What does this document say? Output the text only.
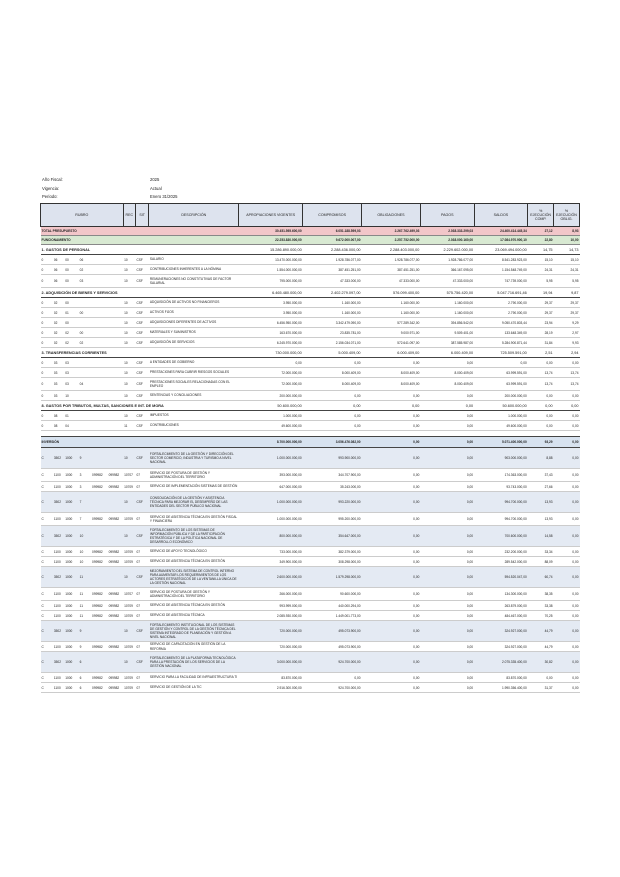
Año Fiscal:	2025
Vigencia:	Actual
Periodo:	Enero 31/2025
RUBRO						REC	SIT	DESCRIPCIÓN	APROPIACIONES VIGENTES	COMPROMISOS	OBLIGACIONES	PAGOS	SALDOS	% EJECUCIÓN COMP.	% EJECUCIÓN OBLIG.
TOTAL PRESUPUESTO									30.451.595.600,00	6.051.188.599,03	2.267.762.499,03	2.038.333.299,03	24.400.414.445,34	27,12	8,93
FUNCIONAMIENTO									22.253.830.000,00	9.672.000.007,00	2.257.752.000,00	2.038.000.160,00	17.084.970.900,10	22,80	10,00
1. GASTOS DE PERSONAL									15.286.890.000,00	2.288.436.000,00	2.288.403.000,00	2.229.602.000,00	23.069.494.000,00	14,75	14,73
0	06	00	06			10	CSF	SALARIO	13.470.000.000,00	1.928.786.077,00	1.928.786.077,00	1.928.786.077,00	8.541.283.923,00	15,10	15,10
0	06	00	02			10	CSF	CONTRIBUCIONES INHERENTES A LA NÓMINA	1.554.000.000,00	387.451.251,00	387.451.251,00	366.167.095,00	1.154.548.749,00	24,31	24,31
0	06	00	03			10	CSF	REMUNERACIONES NO CONSTITUTIVAS DE FACTOR SALARIAL	795.000.000,00	47.333.000,00	47.333.000,00	47.333.000,00	747.739.000,00	5,95	5,95
2. ADQUISICIÓN DE BIENES Y SERVICIOS									6.465.480.000,00	2.402.279.097,00	576.099.400,00	575.756.420,00	5.047.716.691,46	19,94	9,87
0	02	00				10	CSF	ADQUISICIÓN DE ACTIVOS NO FINANCIEROS	3.950.000,00	1.160.000,00	1.160.000,00	1.160.000,00	2.790.000,00	29,37	29,37
0	02	01	00			10	CSF	ACTIVOS FIJOS	3.950.000,00	1.160.000,00	1.160.000,00	1.160.000,00	2.790.000,00	29,37	29,37
0	02	00				10	CSF	ADQUISICIONES DIFERENTES DE ACTIVOS	6.456.950.000,00	3.342.479.090,00	577.289.342,00	394.856.542,00	9.050.470.803,44	23,94	9,29
0	02	02	00			10	CSF	MATERIALES Y SUMINISTROS	163.670.000,00	23.835.781,00	9.000.971,00	9.509.401,00	133.648.349,00	28,19	2,97
0	02	02	02			10	CSF	ADQUISICIÓN DE SERVICIOS	6.245.970.000,00	2.156.034.071,00	572.641.097,00	387.585.987,00	5.284.900.871,44	31,84	9,93
3. TRANSFERENCIAS CORRIENTES									730.000.000,00	5.000.409,00	6.000.409,00	6.000.409,00	725.509.591,00	2,51	2,94
0	03	03				10	CSF	A ENTIDADES DE GOBIERNO	0,00	0,00	0,00	0,00	0,00	0,00	0,00
0	03	03				10	CSF	PRESTACIONES PARA CUBRIR RIESGOS SOCIALES	72.000.000,00	8.000.409,00	8.000.409,00	8.000.409,00	63.999.591,00	13,74	13,74
0	03	03	04			10	CSF	PRESTACIONES SOCIALES RELACIONADAS CON EL EMPLEO	72.000.000,00	8.000.409,00	8.000.409,00	8.000.409,00	63.999.591,00	13,74	13,74
0	03	10				10	CSF	SENTENCIAS Y CONCILIACIONES	200.000.000,00	0,00	0,00	0,00	200.000.000,00	0,00	0,00
8. GASTOS POR TRIBUTOS, MULTAS, SANCIONES E INT. DE MORA									50.600.000,00	0,00	0,00	0,00	50.600.000,00	0,00	0,00
0	08	01				10	CSF	IMPUESTOS	1.000.000,00	0,00	0,00	0,00	1.000.000,00	0,00	0,00
0	08	04				11	CSF	CONTRIBUCIONES	49.600.000,00	0,00	0,00	0,00	49.600.000,00	0,00	0,00

INVERSIÓN									8.700.000.000,00	3.056.476.082,00	0,00	0,00	5.071.400.000,00	93,29	0,00
C	3502	1000	9			10	CSF	FORTALECIMIENTO DE LA GESTIÓN Y DIRECCIÓN DEL SECTOR COMERCIO, INDUSTRIA Y TURISMO A NIVEL NACIONAL	1.000.000.000,00	993.900.000,00	0,00	0,00	903.000.000,00	8,88	0,00
C	1100	1000	3	099982	099982	10707	07	SERVICIO DE POSTURA DE GESTIÓN Y ADMINISTRACIÓN DEL TERRITORIO	393.000.000,00	344.707.900,00	0,00	0,00	174.363.000,00	37,43	0,00
C	1100	1000	3	099982	099982	10709	07	SERVICIO DE IMPLEMENTACIÓN SISTEMAS DE GESTIÓN	647.000.000,00	35.243.000,00	0,00	0,00	93.743.000,00	27,66	0,00
C	3502	1000	7			10	CSF	CONSOLIDACIÓN DE LA GESTIÓN Y ASISTENCIA TÉCNICA PARA MEJORAR EL DESEMPEÑO DE LAS ENTIDADES DEL SECTOR PÚBLICO NACIONAL	1.000.000.000,00	993.220.000,00	0,00	0,00	994.700.000,00	13,93	0,00
C	1100	1000	7	099982	099982	10709	07	SERVICIO DE ASISTENCIA TÉCNICA EN GESTIÓN FISCAL Y FINANCIERA	1.000.000.000,00	995.200.000,00	0,00	0,00	994.700.000,00	13,93	0,00
C	3502	1000	10			10	CSF	FORTALECIMIENTO DE LOS SISTEMAS DE INFORMACIÓN PÚBLICA Y DE LA PARTICIPACIÓN ESTRATÉGICA Y DE LA POLÍTICA NACIONAL DE DESARROLLO ECONÓMICO	800.000.000,00	354.647.000,00	0,00	0,00	700.600.000,00	14,58	0,00
C	1100	1000	10	099982	099982	10709	07	SERVICIO DE APOYO TECNOLÓGICO	733.000.000,00	382.379.000,00	0,00	0,00	232.200.000,00	33,34	0,00
C	1100	1000	10	099982	099982	10709	07	SERVICIO DE ASISTENCIA TÉCNICA EN GESTIÓN	349.900.000,00	308.298.000,00	0,00	0,00	289.542.000,00	88,09	0,00
C	3502	1000	11			10	CSF	MEJORAMIENTO DEL SISTEMA DE CONTROL INTERNO PARA AUMENTAR LOS REQUERIMIENTOS DE LOS ACTORES ESTRATÉGICOS DE LA VENTANILLA ÚNICA DE LA GESTIÓN NACIONAL	2.600.000.000,00	1.579.298.000,00	0,00	0,00	594.520.047,00	60,74	0,00
C	1100	1000	11	099982	099982	10707	07	SERVICIO DE POSTURA DE GESTIÓN Y ADMINISTRACIÓN DEL TERRITORIO	266.000.000,00	90.600.000,00	0,00	0,00	134.300.000,00	38,35	0,00
C	1100	1000	11	099982	099982	10709	07	SERVICIO DE ASISTENCIA TÉCNICA EN GESTIÓN	993.999.000,00	440.000.294,00	0,00	0,00	263.879.000,00	33,38	0,00
C	1100	1000	11	099982	099982	10709	07	SERVICIO DE ASISTENCIA TÉCNICA	2.085.930.000,00	1.449.001.773,00	0,00	0,00	484.467.000,00	70,25	0,00
C	3502	1000	9			10	CSF	FORTALECIMIENTO INSTITUCIONAL DE LOS SISTEMAS DE GESTIÓN Y CONTROL DE LA GESTIÓN TÉCNICA DEL SISTEMA INTEGRADO DE PLANEACIÓN Y GESTIÓN A NIVEL NACIONAL	720.000.000,00	495.073.900,00	0,00	0,00	324.927.000,00	44,79	0,00
C	1100	1000	9	099982	099982	10709	07	SERVICIO DE CAPACITACIÓN EN GESTIÓN DE LA REFORMA	720.000.000,00	495.073.900,00	0,00	0,00	324.927.000,00	44,79	0,00
C	3502	1000	6			10	CSF	FORTALECIMIENTO DE LA PLATAFORMA TECNOLÓGICA PARA LA PRESTACIÓN DE LOS SERVICIOS DE LA GESTIÓN NACIONAL	3.000.000.000,00	924.700.000,00	0,00	0,00	2.075.335.400,00	30,82	0,00
C	1100	1000	6	099982	099982	10709	07	SERVICIO PARA LA FACILIDAD DE INFRAESTRUCTURA TI	83.870.000,00	0,00	0,00	0,00	83.870.000,00	0,00	0,00
C	1100	1000	6	099982	099982	10709	07	SERVICIO DE GESTIÓN DE LA TIC	2.916.300.000,00	924.700.000,00	0,00	0,00	1.990.356.400,00	31,37	0,00
